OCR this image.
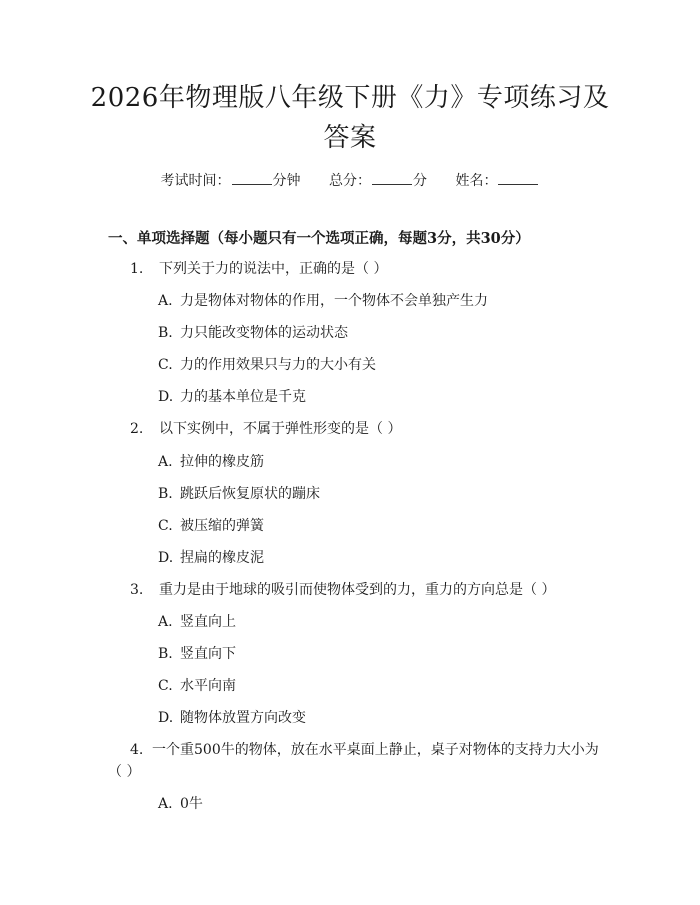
2026年物理版八年级下册《力》专项练习及
答案
考试时间：	分钟 总分：	分 姓名：
一、单项选择题（每小题只有一个选项正确，每题3分，共30分）
1. 下列关于力的说法中，正确的是（ ）
A. 力是物体对物体的作用，一个物体不会单独产生力
B. 力只能改变物体的运动状态
C. 力的作用效果只与力的大小有关
D. 力的基本单位是千克
2. 以下实例中，不属于弹性形变的是（ ）
A. 拉伸的橡皮筋
B. 跳跃后恢复原状的蹦床
C. 被压缩的弹簧
D. 捏扁的橡皮泥
3. 重力是由于地球的吸引而使物体受到的力，重力的方向总是（ ）
A. 竖直向上
B. 竖直向下
C. 水平向南
D. 随物体放置方向改变
4. 一个重500牛的物体，放在水平桌面上静止，桌子对物体的支持力大小为（ ）
A. 0牛
